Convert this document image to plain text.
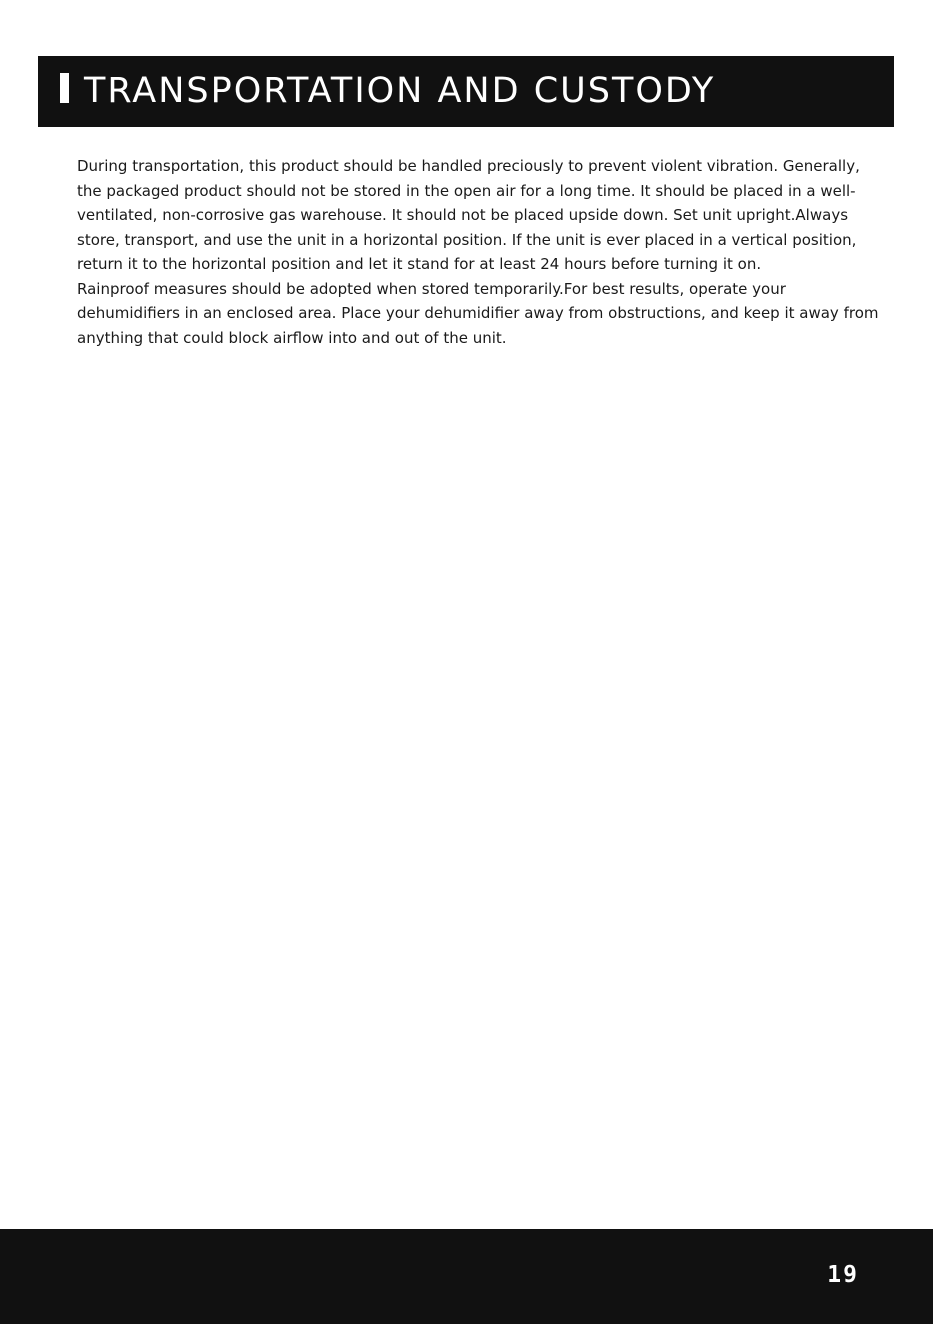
TRANSPORTATION AND CUSTODY

During transportation, this product should be handled preciously to prevent violent vibration. Generally, the packaged product should not be stored in the open air for a long time. It should be placed in a well-ventilated, non-corrosive gas warehouse. It should not be placed upside down. Set unit upright.Always store, transport, and use the unit in a horizontal position. If the unit is ever placed in a vertical position, return it to the horizontal position and let it stand for at least 24 hours before turning it on.

Rainproof measures should be adopted when stored temporarily.For best results, operate your dehumidifiers in an enclosed area. Place your dehumidifier away from obstructions, and keep it away from anything that could block airflow into and out of the unit.

19
